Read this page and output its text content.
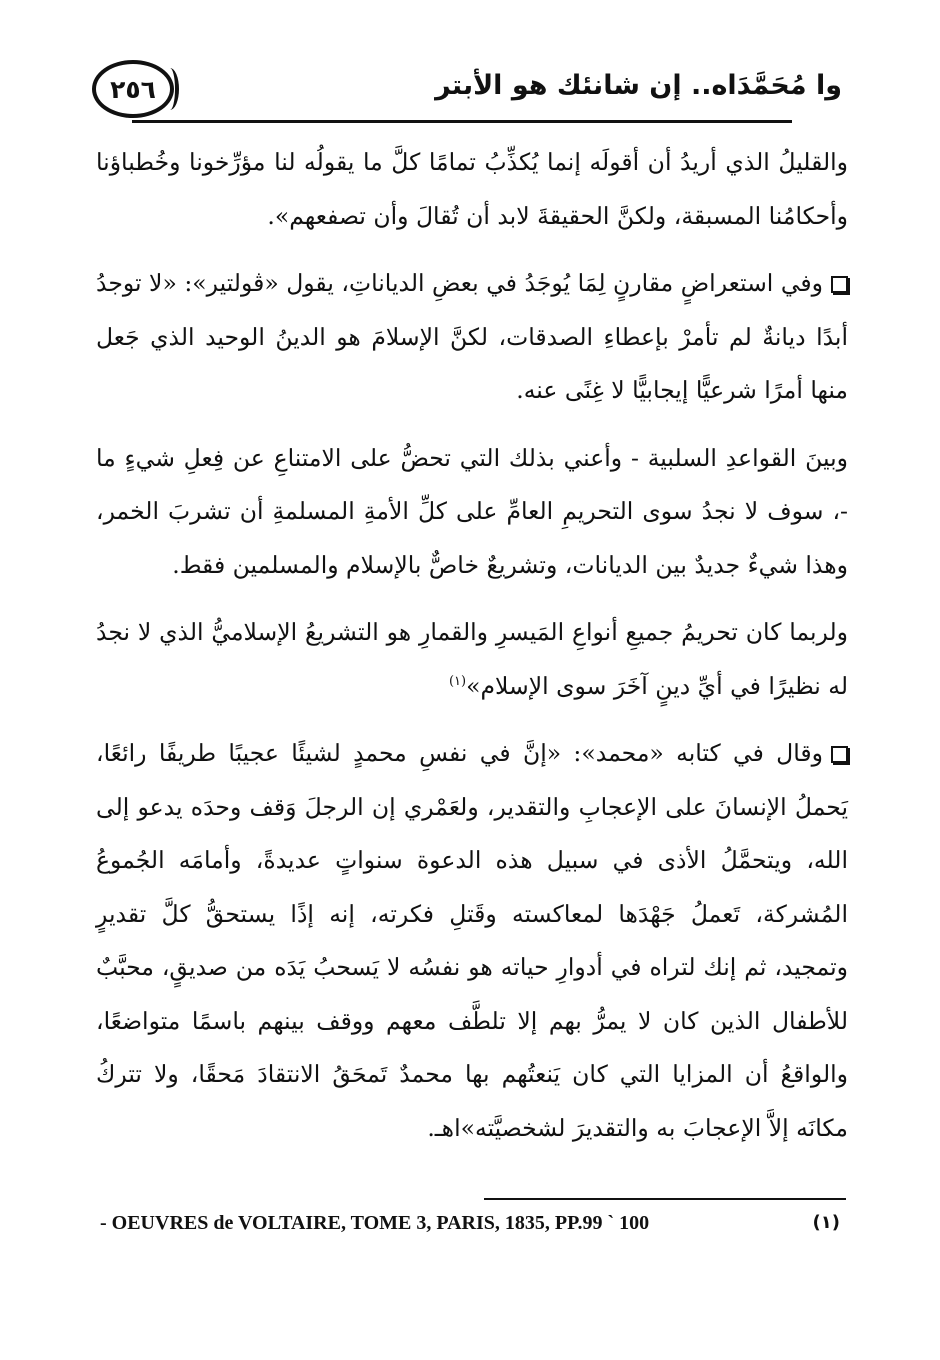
٢٥٦	وا مُحَمَّدَاه.. إن شانئك هو الأبتر

والقليلُ الذي أريدُ أن أقولَه إنما يُكذِّبُ تمامًا كلَّ ما يقولُه لنا مؤرِّخونا وخُطباؤنا وأحكامُنا المسبقة، ولكنَّ الحقيقةَ لابد أن تُقالَ وأن تصفعهم».

وفي استعراضٍ مقارنٍ لِمَا يُوجَدُ في بعضِ الدياناتِ، يقول «ڤولتير»: «لا توجدُ أبدًا ديانةٌ لم تأمرْ بإعطاءِ الصدقات، لكنَّ الإسلامَ هو الدينُ الوحيد الذي جَعل منها أمرًا شرعيًّا إيجابيًّا لا غِنًى عنه.

وبينَ القواعدِ السلبية - وأعني بذلك التي تحضُّ على الامتناعِ عن فِعلِ شيءٍ ما -، سوف لا نجدُ سوى التحريمِ العامِّ على كلِّ الأمةِ المسلمةِ أن تشربَ الخمر، وهذا شيءٌ جديدٌ بين الديانات، وتشريعٌ خاصٌّ بالإسلام والمسلمين فقط.

ولربما كان تحريمُ جميعِ أنواعِ المَيسرِ والقمارِ هو التشريعُ الإسلاميُّ الذي لا نجدُ له نظيرًا في أيِّ دينٍ آخَرَ سوى الإسلام»$^{(١)}$

وقال في كتابه «محمد»: «إنَّ في نفسِ محمدٍ لشيئًا عجيبًا طريفًا رائعًا، يَحملُ الإنسانَ على الإعجابِ والتقدير، ولعَمْري إن الرجلَ وَقف وحدَه يدعو إلى الله، ويتحمَّلُ الأذى في سبيل هذه الدعوة سنواتٍ عديدةً، وأمامَه الجُموعُ المُشركة، تَعملُ جَهْدَها لمعاكسته وقَتلِ فكرته، إنه إذًا يستحقُّ كلَّ تقديرٍ وتمجيد، ثم إنك لتراه في أدوارِ حياته هو نفسُه لا يَسحبُ يَدَه من صديقٍ، محبَّبٌ للأطفال الذين كان لا يمرُّ بهم إلا تلطَّف معهم ووقف بينهم باسمًا متواضعًا، والواقعُ أن المزايا التي كان يَنعتُهم بها محمدٌ تَمحَقُ الانتقادَ مَحقًا، ولا تتركُ مكانَه إلاَّ الإعجابَ به والتقديرَ لشخصيَّته»اهـ.

- OEUVRES de VOLTAIRE, TOME 3, PARIS, 1835, PP.99 ` 100	(١)
